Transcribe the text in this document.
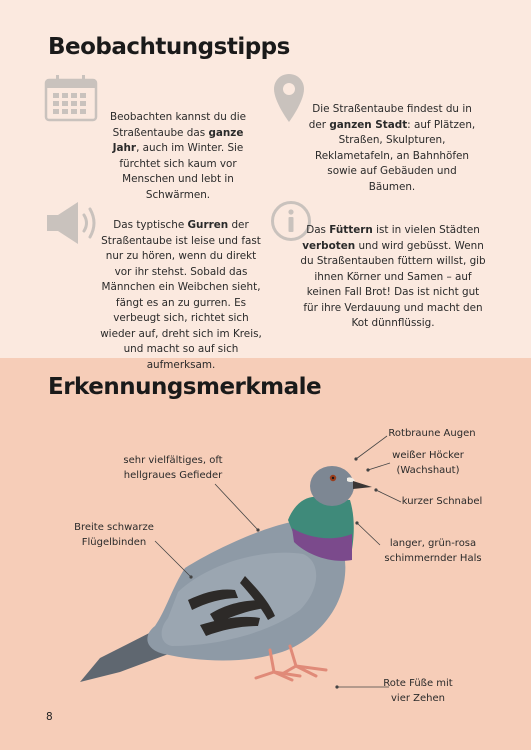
Beobachtungstipps
Beobachten kannst du die Straßentaube das ganze Jahr, auch im Winter. Sie fürchtet sich kaum vor Menschen und lebt in Schwärmen.
Die Straßentaube findest du in der ganzen Stadt: auf Plätzen, Straßen, Skulpturen, Reklametafeln, an Bahnhöfen sowie auf Gebäuden und Bäumen.
Das typtische Gurren der Straßentaube ist leise und fast nur zu hören, wenn du direkt vor ihr stehst. Sobald das Männchen ein Weibchen sieht, fängt es an zu gurren. Es verbeugt sich, richtet sich wieder auf, dreht sich im Kreis, und macht so auf sich aufmerksam.
Das Füttern ist in vielen Städten verboten und wird gebüsst. Wenn du Straßentauben füttern willst, gib ihnen Körner und Samen – auf keinen Fall Brot! Das ist nicht gut für ihre Verdauung und macht den Kot dünnflüssig.
Erkennungsmerkmale
Rotbraune Augen
weißer Höcker (Wachshaut)
kurzer Schnabel
langer, grün-rosa schimmernder Hals
Rote Füße mit vier Zehen
sehr vielfältiges, oft hellgraues Gefieder
Breite schwarze Flügelbinden
8
